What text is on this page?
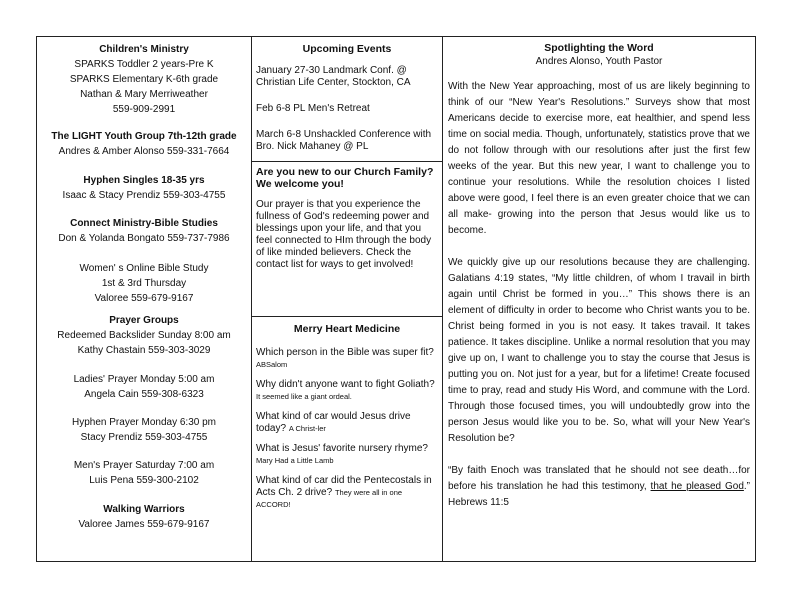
Children's Ministry
SPARKS Toddler 2 years-Pre K
SPARKS Elementary K-6th grade
Nathan & Mary Merriweather
559-909-2991
The LIGHT Youth Group 7th-12th grade
Andres & Amber Alonso 559-331-7664
Hyphen Singles 18-35 yrs
Isaac & Stacy Prendiz 559-303-4755
Connect Ministry-Bible Studies
Don & Yolanda Bongato 559-737-7986
Women' s Online Bible Study
1st & 3rd Thursday
Valoree 559-679-9167
Prayer Groups
Redeemed Backslider Sunday 8:00 am
Kathy Chastain 559-303-3029
Ladies' Prayer Monday 5:00 am
Angela Cain 559-308-6323
Hyphen Prayer Monday 6:30 pm
Stacy Prendiz 559-303-4755
Men's Prayer Saturday 7:00 am
Luis Pena 559-300-2102
Walking Warriors
Valoree James 559-679-9167
Upcoming Events

January 27-30 Landmark Conf. @ Christian Life Center, Stockton, CA

Feb 6-8 PL Men's Retreat

March 6-8 Unshackled Conference with Bro. Nick Mahaney @ PL

Are you new to our Church Family? We welcome you!
Our prayer is that you experience the fullness of God's redeeming power and blessings upon your life, and that you feel connected to HIm through the body of like minded believers. Check the contact list for ways to get involved!
Merry Heart Medicine

Which person in the Bible was super fit? ABSalom

Why didn't anyone want to fight Goliath? It seemed like a giant ordeal.

What kind of car would Jesus drive today? A Christ-ler

What is Jesus' favorite nursery rhyme? Mary Had a Little Lamb

What kind of car did the Pentecostals in Acts Ch. 2 drive? They were all in one ACCORD!

Spotlighting the Word
Andres Alonso, Youth Pastor

With the New Year approaching, most of us are likely beginning to think of our “New Year's Resolutions.” Surveys show that most Americans decide to exercise more, eat healthier, and spend less time on social media. Though, unfortunately, statistics prove that we do not follow through with our resolutions after just the first few weeks of the year. But this new year, I want to challenge you to continue your resolutions. While the resolution choices I listed above were good, I feel there is an even greater choice that we can all make- growing into the person that Jesus would like us to become.

We quickly give up our resolutions because they are challenging. Galatians 4:19 states, “My little children, of whom I travail in birth again until Christ be formed in you…” This shows there is an element of difficulty in order to become who Christ wants you to be. Christ being formed in you is not easy. It takes travail. It takes patience. It takes discipline. Unlike a normal resolution that you may give up on, I want to challenge you to stay the course that Jesus is putting you on. Not just for a year, but for a lifetime! Create focused time to pray, read and study His Word, and commune with the Lord. Through those focused times, you will undoubtedly grow into the person Jesus would like you to be. So, what will your New Year's Resolution be?

“By faith Enoch was translated that he should not see death…for before his translation he had this testimony, that he pleased God.” Hebrews 11:5
